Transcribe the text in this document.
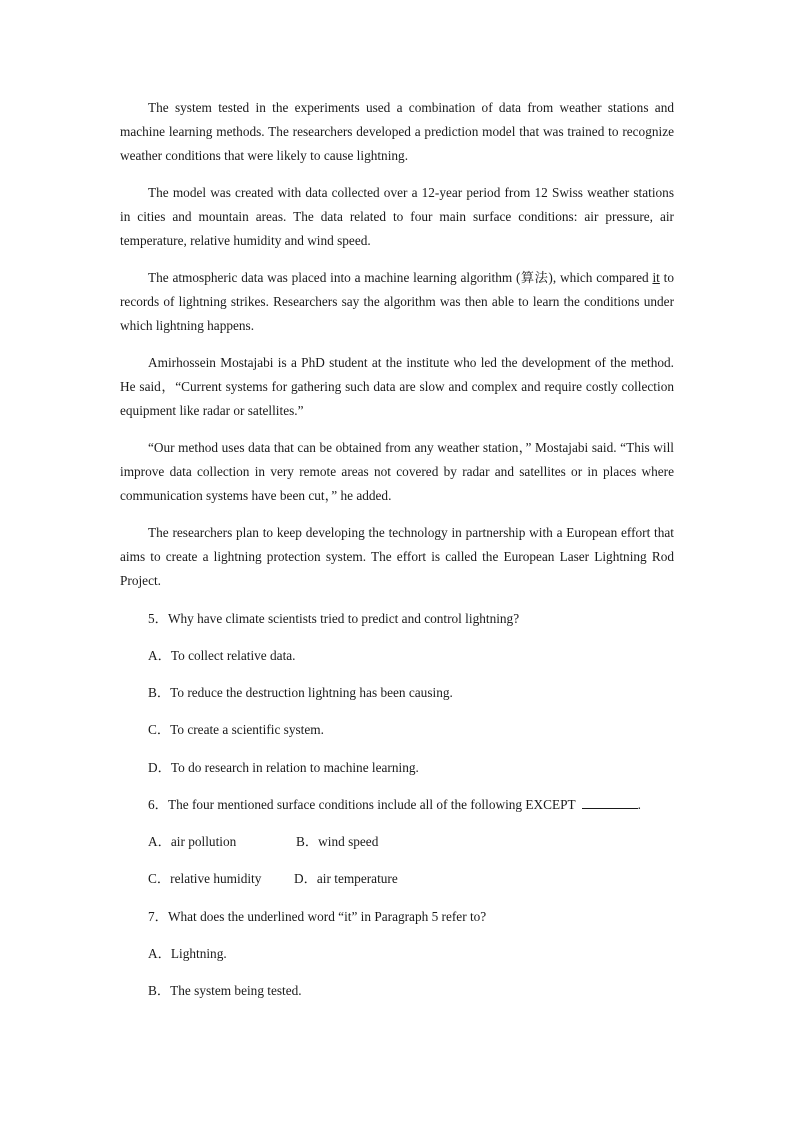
The system tested in the experiments used a combination of data from weather stations and machine learning methods. The researchers developed a prediction model that was trained to recognize weather conditions that were likely to cause lightning.

The model was created with data collected over a 12-year period from 12 Swiss weather stations in cities and mountain areas. The data related to four main surface conditions: air pressure, air temperature, relative humidity and wind speed.

The atmospheric data was placed into a machine learning algorithm (算法), which compared it to records of lightning strikes. Researchers say the algorithm was then able to learn the conditions under which lightning happens.

Amirhossein Mostajabi is a PhD student at the institute who led the development of the method. He said，“Current systems for gathering such data are slow and complex and require costly collection equipment like radar or satellites.”

“Our method uses data that can be obtained from any weather station，” Mostajabi said. “This will improve data collection in very remote areas not covered by radar and satellites or in places where communication systems have been cut，” he added.

The researchers plan to keep developing the technology in partnership with a European effort that aims to create a lightning protection system. The effort is called the European Laser Lightning Rod Project.

5．Why have climate scientists tried to predict and control lightning?

A．To collect relative data.

B．To reduce the destruction lightning has been causing.

C．To create a scientific system.

D．To do research in relation to machine learning.

6．The four mentioned surface conditions include all of the following EXCEPT	.

A．air pollution	B．wind speed

C．relative humidity D．air temperature

7．What does the underlined word “it” in Paragraph 5 refer to?

A．Lightning.

B．The system being tested.
